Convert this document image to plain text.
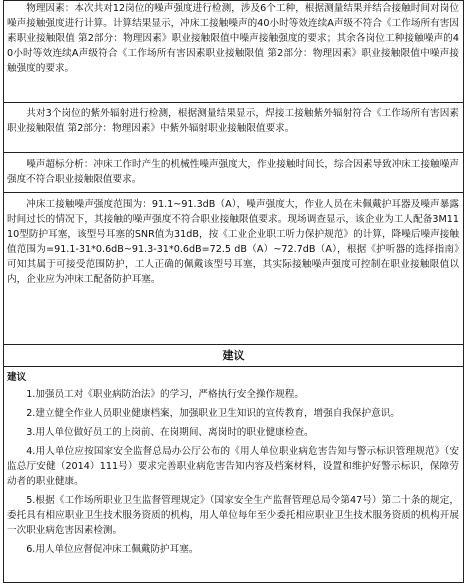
物理因素：本次共对12岗位的噪声强度进行检测，涉及6个工种，根据测量结果并结合接触时间对岗位噪声接触强度进行计算。计算结果显示，冲床工接触噪声的40小时等效连续A声级不符合《工作场所有害因素职业接触限值 第2部分：物理因素》职业接触限值中噪声接触强度的要求；其余各岗位工种接触噪声的40小时等效连续A声级符合《工作场所有害因素职业接触限值 第2部分：物理因素》职业接触限值中噪声接触强度的要求。

共对3个岗位的紫外辐射进行检测，根据测量结果显示，焊接工接触紫外辐射符合《工作场所有害因素职业接触限值 第2部分：物理因素》中紫外辐射职业接触限值要求。

噪声超标分析：冲床工作时产生的机械性噪声强度大，作业接触时间长，综合因素导致冲床工接触噪声强度不符合职业接触限值要求。

冲床工接触噪声强度范围为：91.1~91.3dB（A），噪声强度大，作业人员在未佩戴护耳器及噪声暴露时间过长的情况下，其接触的噪声强度不符合职业接触限值要求。现场调查显示，该企业为工人配备3M1110型防护耳塞，该型号耳塞的SNR值为31dB，按《工业企业职工听力保护规范》的计算，降噪后噪声接触值范围为=91.1-31*0.6dB~91.3-31*0.6dB=72.5 dB（A）~72.7dB（A），根据《护听器的选择指南》可知其属于可接受范围防护，工人正确的佩戴该型号耳塞，其实际接触噪声强度可控制在职业接触限值以内，企业应为冲床工配备防护耳塞。

建议
建议

1.加强员工对《职业病防治法》的学习，严格执行安全操作规程。

2.建立健全作业人员职业健康档案，加强职业卫生知识的宣传教育，增强自我保护意识。

3.用人单位做好员工的上岗前、在岗期间、离岗时的职业健康检查。

4.用人单位应按国家安全监督总局办公厅公布的《用人单位职业病危害告知与警示标识管理规范》（安监总厅安健（2014）111号）要求完善职业病危害告知内容及档案材料，设置和维护好警示标识，保障劳动者的职业健康。

5.根据《工作场所职业卫生监督管理规定》（国家安全生产监督管理总局令第47号）第二十条的规定，委托具有相应职业卫生技术服务资质的机构，用人单位每年至少委托相应职业卫生技术服务资质的机构开展一次职业病危害因素检测。

6.用人单位应督促冲床工佩戴防护耳塞。
